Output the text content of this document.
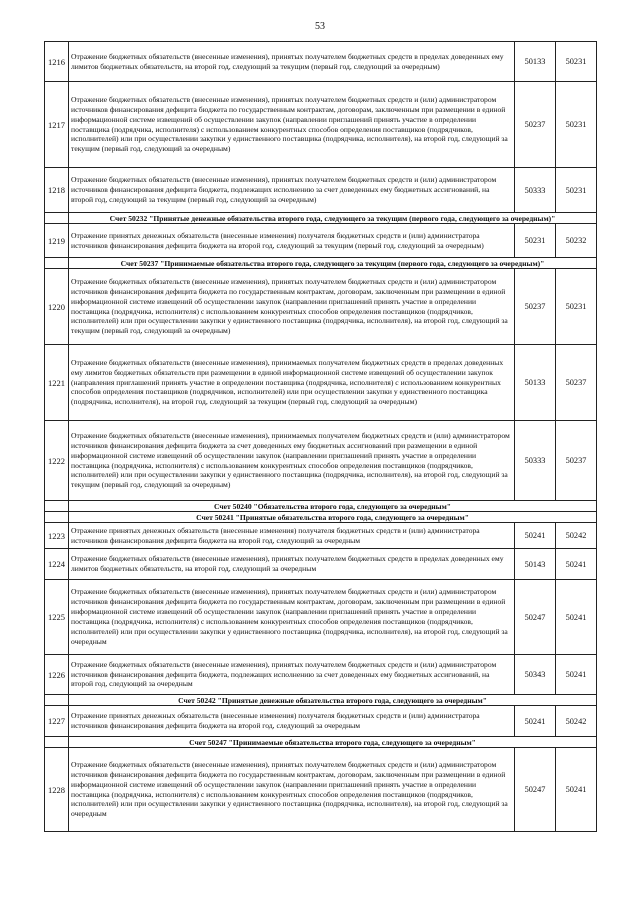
53
1216	Отражение бюджетных обязательств (внесенные изменения), принятых получателем бюджетных средств в пределах доведенных ему лимитов бюджетных обязательств, на второй год, следующий за текущим (первый год, следующий за очередным)	50133	50231
1217	Отражение бюджетных обязательств (внесенные изменения), принятых получателем бюджетных средств и (или) администратором источников финансирования дефицита бюджета по государственным контрактам, договорам, заключенным при размещении в единой информационной системе извещений об осуществлении закупок (направлении приглашений принять участие в определении поставщика (подрядчика, исполнителя) с использованием конкурентных способов определения поставщиков (подрядчиков, исполнителей) или при осуществлении закупки у единственного поставщика (подрядчика, исполнителя), на второй год, следующий за текущим (первый год, следующий за очередным)	50237	50231
1218	Отражение бюджетных обязательств (внесенные изменения), принятых получателем бюджетных средств и (или) администратором источников финансирования дефицита бюджета, подлежащих исполнению за счет доведенных ему бюджетных ассигнований, на второй год, следующий за текущим (первый год, следующий за очередным)	50333	50231
	Счет 50232 "Принятые денежные обязательства второго года, следующего за текущим (первого года, следующего за очередным)"		
1219	Отражение принятых денежных обязательств (внесенные изменения) получателя бюджетных средств и (или) администратора источников финансирования дефицита бюджета на второй год, следующий за текущим (первый год, следующий за очередным)	50231	50232
	Счет 50237 "Принимаемые обязательства второго года, следующего за текущим (первого года, следующего за очередным)"		
1220	Отражение бюджетных обязательств (внесенные изменения), принятых получателем бюджетных средств и (или) администратором источников финансирования дефицита бюджета по государственным контрактам, договорам, заключенным при размещении в единой информационной системе извещений об осуществлении закупок (направлении приглашений принять участие в определении поставщика (подрядчика, исполнителя) с использованием конкурентных способов определения поставщиков (подрядчиков, исполнителей) или при осуществлении закупки у единственного поставщика (подрядчика, исполнителя), на второй год, следующий за текущим (первый год, следующий за очередным)	50237	50231
1221	Отражение бюджетных обязательств (внесенные изменения), принимаемых получателем бюджетных средств в пределах доведенных ему лимитов бюджетных обязательств при размещении в единой информационной системе извещений об осуществлении закупок (направления приглашений принять участие в определении поставщика (подрядчика, исполнителя) с использованием конкурентных способов определения поставщиков (подрядчиков, исполнителей) или при осуществлении закупки у единственного поставщика (подрядчика, исполнителя), на второй год, следующий за текущим (первый год, следующий за очередным)	50133	50237
1222	Отражение бюджетных обязательств (внесенные изменения), принимаемых получателем бюджетных средств и (или) администратором источников финансирования дефицита бюджета за счет доведенных ему бюджетных ассигнований при размещении в единой информационной системе извещений об осуществлении закупок (направлении приглашений принять участие в определении поставщика (подрядчика, исполнителя) с использованием конкурентных способов определения поставщиков (подрядчиков, исполнителей) или при осуществлении закупки у единственного поставщика (подрядчика, исполнителя), на второй год, следующий за текущим (первый год, следующий за очередным)	50333	50237
	Счет 50240 "Обязательства второго года, следующего за очередным"		
	Счет 50241 "Принятые обязательства второго года, следующего за очередным"		
1223	Отражение принятых денежных обязательств (внесенные изменения) получателя бюджетных средств и (или) администратора источников финансирования дефицита бюджета на второй год, следующий за очередным	50241	50242
1224	Отражение бюджетных обязательств (внесенные изменения), принятых получателем бюджетных средств в пределах доведенных ему лимитов бюджетных обязательств, на второй год, следующий за очередным	50143	50241
1225	Отражение бюджетных обязательств (внесенные изменения), принятых получателем бюджетных средств и (или) администратором источников финансирования дефицита бюджета по государственным контрактам, договорам, заключенным при размещении в единой информационной системе извещений об осуществлении закупок (направлении приглашений принять участие в определении поставщика (подрядчика, исполнителя) с использованием конкурентных способов определения поставщиков (подрядчиков, исполнителей) или при осуществлении закупки у единственного поставщика (подрядчика, исполнителя), на второй год, следующий за очередным	50247	50241
1226	Отражение бюджетных обязательств (внесенные изменения), принятых получателем бюджетных средств и (или) администратором источников финансирования дефицита бюджета, подлежащих исполнению за счет доведенных ему бюджетных ассигнований, на второй год, следующий за очередным	50343	50241
	Счет 50242 "Принятые денежные обязательства второго года, следующего за очередным"		
1227	Отражение принятых денежных обязательств (внесенные изменения) получателя бюджетных средств и (или) администратора источников финансирования дефицита бюджета на второй год, следующий за очередным	50241	50242
	Счет 50247 "Принимаемые обязательства второго года, следующего за очередным"		
1228	Отражение бюджетных обязательств (внесенные изменения), принятых получателем бюджетных средств и (или) администратором источников финансирования дефицита бюджета по государственным контрактам, договорам, заключенным при размещении в единой информационной системе извещений об осуществлении закупок (направлении приглашений принять участие в определении поставщика (подрядчика, исполнителя) с использованием конкурентных способов определения поставщиков (подрядчиков, исполнителей) или при осуществлении закупки у единственного поставщика (подрядчика, исполнителя), на второй год, следующий за очередным	50247	50241
